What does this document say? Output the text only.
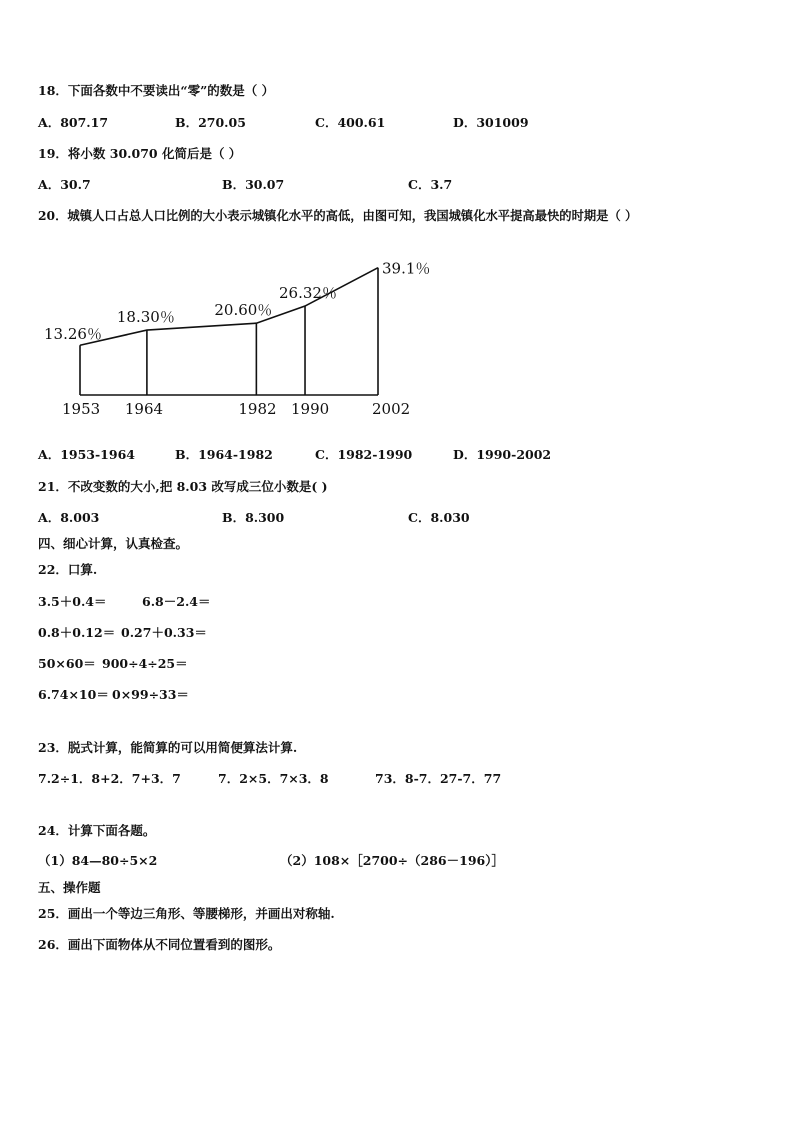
18．下面各数中不要读出“零”的数是（ ）
A．807.17	B．270.05	C．400.61	D．301009
19．将小数 30.070 化简后是（ ）
A．30.7	B．30.07	C．3.7
20．城镇人口占总人口比例的大小表示城镇化水平的高低，由图可知，我国城镇化水平提高最快的时期是（ ）
13.26％
18.30％	20.60％
26.32％
39.1％
1953 1964	1982 1990	2002
A．1953-1964	B．1964-1982	C．1982-1990	D．1990-2002
21．不改变数的大小,把 8.03 改写成三位小数是( )
A．8.003	B．8.300	C．8.030
四、细心计算，认真检查。
22．口算.
3.5＋0.4＝	6.8－2.4＝
0.8＋0.12＝ 0.27＋0.33＝
50×60＝ 900÷4÷25＝
6.74×10＝ 0×99÷33＝
23．脱式计算，能简算的可以用简便算法计算.
7.2÷1．8+2．7+3．7	7．2×5．7×3．8	73．8-7．27-7．77
24．计算下面各题。
（1）84—80÷5×2	（2）108×［2700÷（286－196）］
五、操作题
25．画出一个等边三角形、等腰梯形，并画出对称轴.
26．画出下面物体从不同位置看到的图形。
